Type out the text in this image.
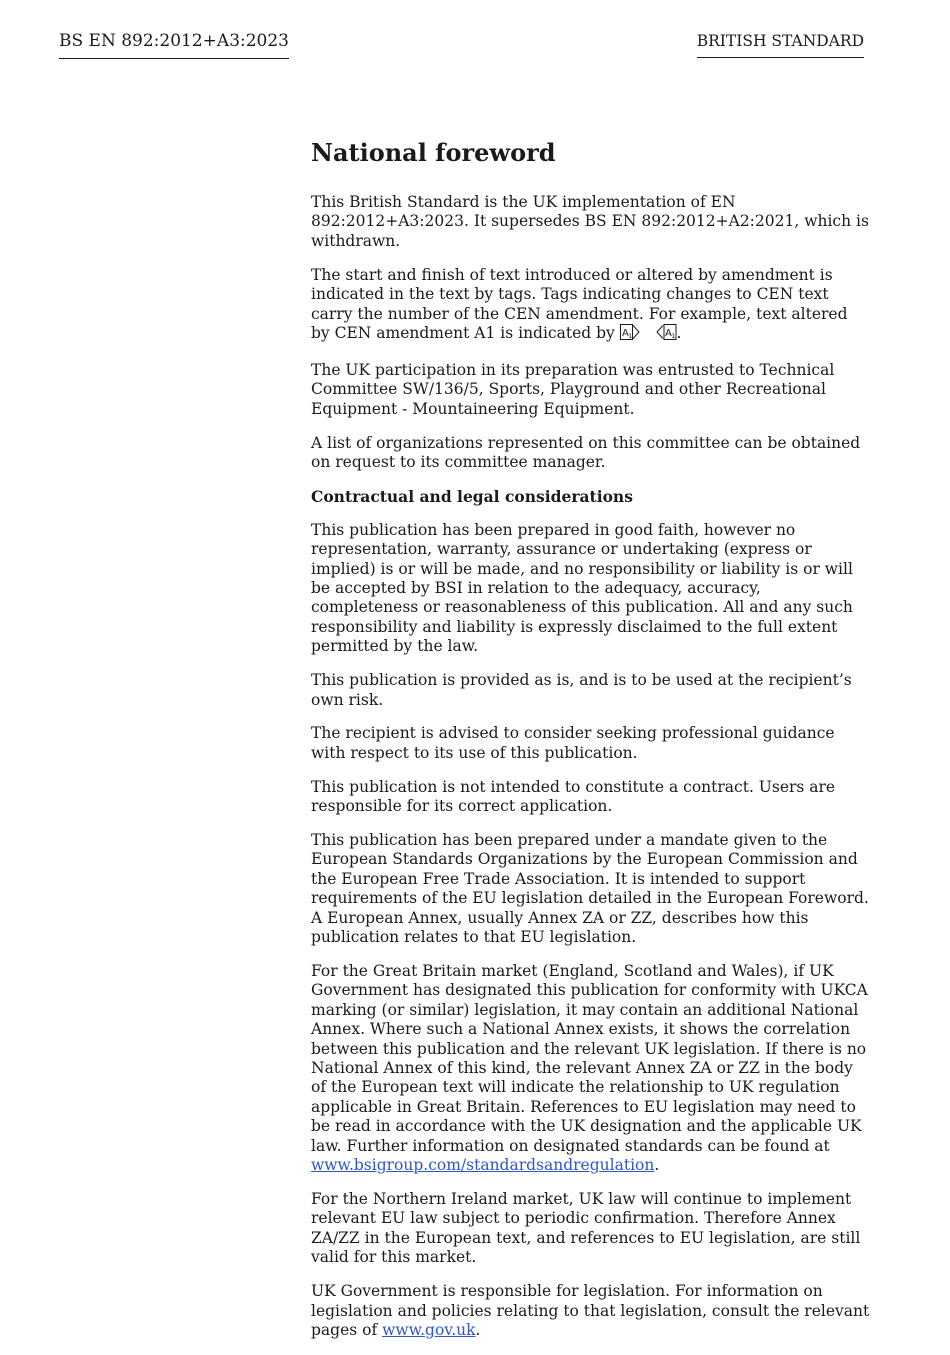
BS EN 892:2012+A3:2023	BRITISH STANDARD
National foreword

This British Standard is the UK implementation of EN 892:2012+A3:2023. It supersedes BS EN 892:2012+A2:2021, which is withdrawn.

The start and finish of text introduced or altered by amendment is indicated in the text by tags. Tags indicating changes to CEN text carry the number of the CEN amendment. For example, text altered by CEN amendment A1 is indicated by A 1
	A 1 .

The UK participation in its preparation was entrusted to Technical Committee SW/136/5, Sports, Playground and other Recreational Equipment - Mountaineering Equipment.

A list of organizations represented on this committee can be obtained on request to its committee manager.

Contractual and legal considerations

This publication has been prepared in good faith, however no representation, warranty, assurance or undertaking (express or implied) is or will be made, and no responsibility or liability is or will be accepted by BSI in relation to the adequacy, accuracy, completeness or reasonableness of this publication. All and any such responsibility and liability is expressly disclaimed to the full extent permitted by the law.

This publication is provided as is, and is to be used at the recipient’s own risk.

The recipient is advised to consider seeking professional guidance with respect to its use of this publication.

This publication is not intended to constitute a contract. Users are responsible for its correct application.

This publication has been prepared under a mandate given to the European Standards Organizations by the European Commission and the European Free Trade Association. It is intended to support requirements of the EU legislation detailed in the European Foreword. A European Annex, usually Annex ZA or ZZ, describes how this publication relates to that EU legislation.

For the Great Britain market (England, Scotland and Wales), if UK Government has designated this publication for conformity with UKCA marking (or similar) legislation, it may contain an additional National Annex. Where such a National Annex exists, it shows the correlation between this publication and the relevant UK legislation. If there is no National Annex of this kind, the relevant Annex ZA or ZZ in the body of the European text will indicate the relationship to UK regulation applicable in Great Britain. References to EU legislation may need to be read in accordance with the UK designation and the applicable UK law. Further information on designated standards can be found at www.bsigroup.com/standardsandregulation.

For the Northern Ireland market, UK law will continue to implement relevant EU law subject to periodic confirmation. Therefore Annex ZA/ZZ in the European text, and references to EU legislation, are still valid for this market.

UK Government is responsible for legislation. For information on legislation and policies relating to that legislation, consult the relevant pages of www.gov.uk.
